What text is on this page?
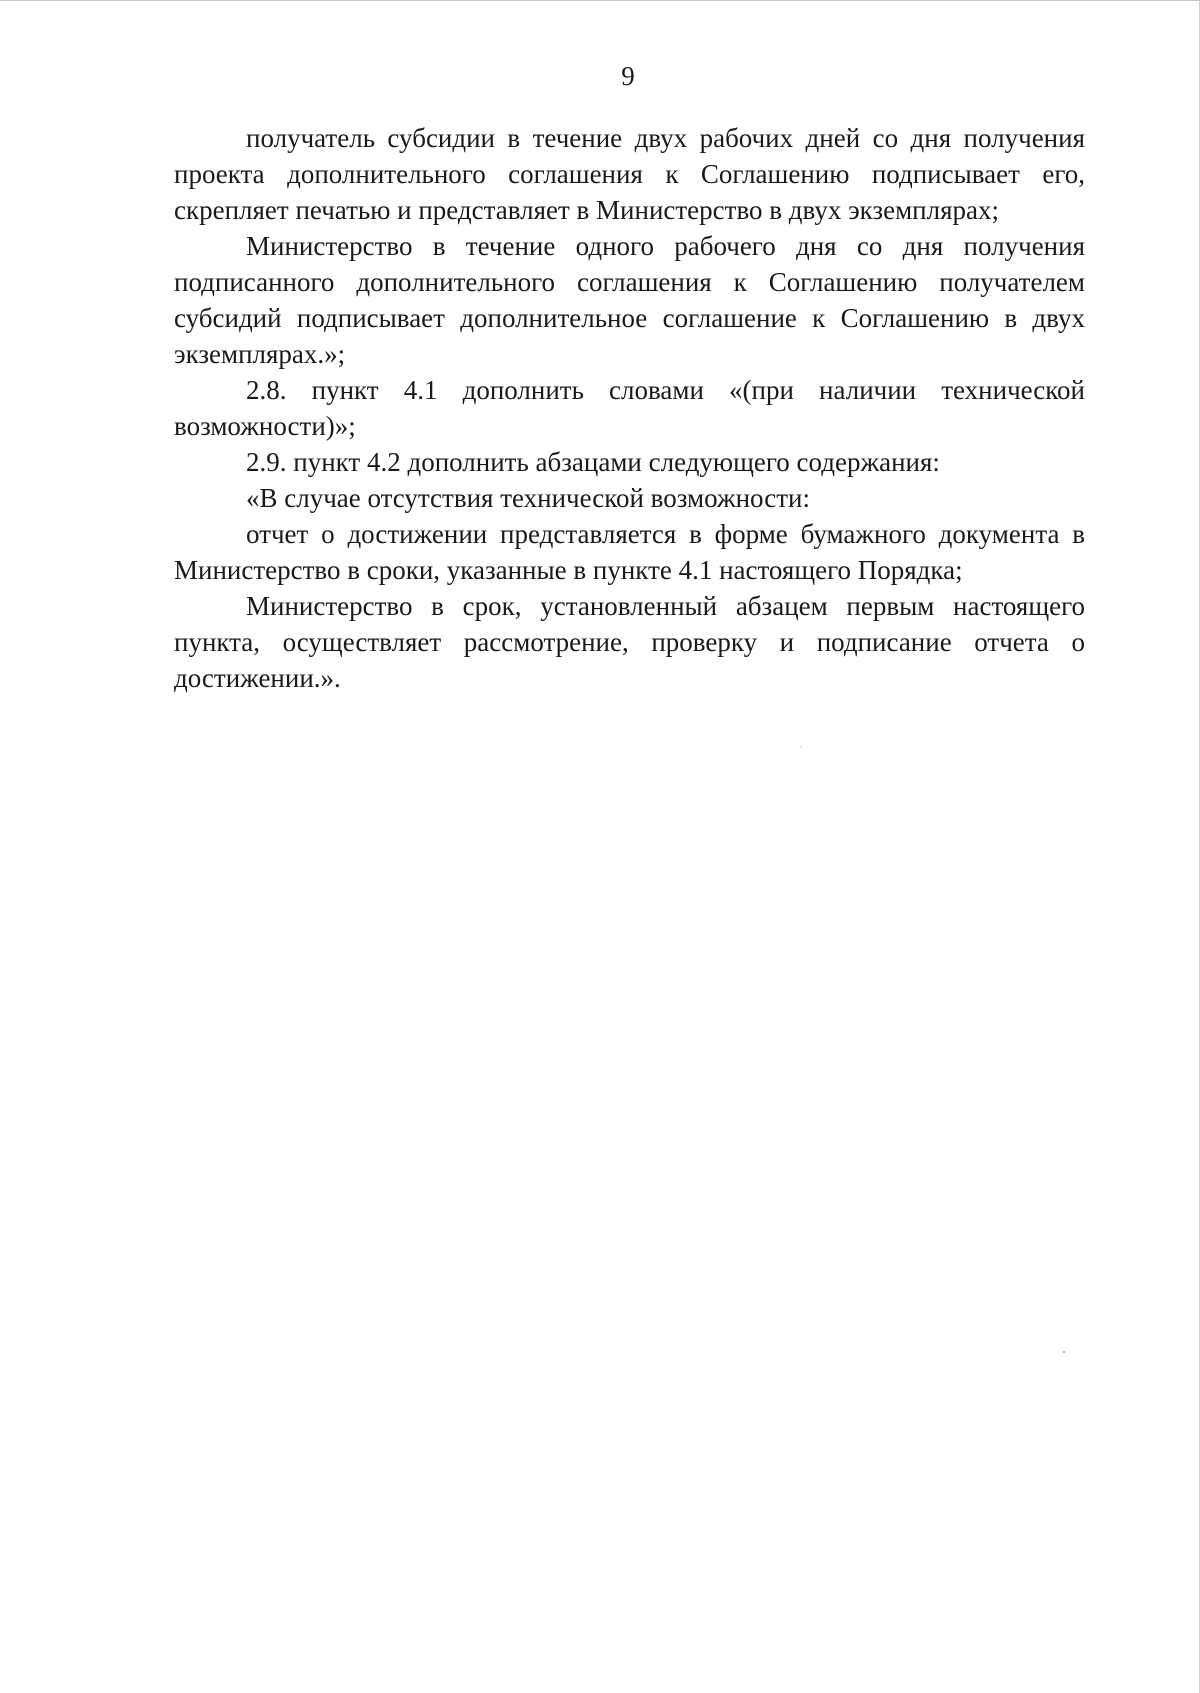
9

получатель субсидии в течение двух рабочих дней со дня получения проекта дополнительного соглашения к Соглашению подписывает его, скрепляет печатью и представляет в Министерство в двух экземплярах;

Министерство в течение одного рабочего дня со дня получения подписанного дополнительного соглашения к Соглашению получателем субсидий подписывает дополнительное соглашение к Соглашению в двух экземплярах.»;

2.8. пункт 4.1 дополнить словами «(при наличии технической возможности)»;

2.9. пункт 4.2 дополнить абзацами следующего содержания:

«В случае отсутствия технической возможности:

отчет о достижении представляется в форме бумажного документа в Министерство в сроки, указанные в пункте 4.1 настоящего Порядка;

Министерство в срок, установленный абзацем первым настоящего пункта, осуществляет рассмотрение, проверку и подписание отчета о достижении.».
